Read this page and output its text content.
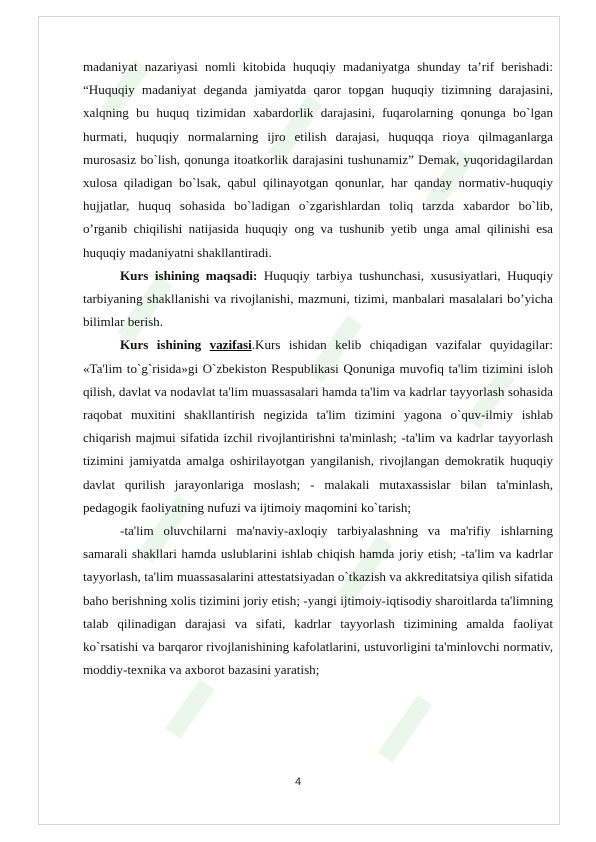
madaniyat nazariyasi nomli kitobida huquqiy madaniyatga shunday ta’rif berishadi: “Huquqiy madaniyat deganda jamiyatda qaror topgan huquqiy tizimning darajasini, xalqning bu huquq tizimidan xabardorlik darajasini, fuqarolarning qonunga bo`lgan hurmati, huquqiy normalarning ijro etilish darajasi, huquqqa rioya qilmaganlarga murosasiz bo`lish, qonunga itoatkorlik darajasini tushunamiz” Demak, yuqoridagilardan xulosa qiladigan bo`lsak, qabul qilinayotgan qonunlar, har qanday normativ-huquqiy hujjatlar, huquq sohasida bo`ladigan o`zgarishlardan toliq tarzda xabardor bo`lib, o’rganib chiqilishi natijasida huquqiy ong va tushunib yetib unga amal qilinishi esa huquqiy madaniyatni shakllantiradi.

Kurs ishining maqsadi: Huquqiy tarbiya tushunchasi, xususiyatlari, Huquqiy tarbiyaning shakllanishi va rivojlanishi, mazmuni, tizimi, manbalari masalalari bo’yicha bilimlar berish.

Kurs ishining vazifasi.Kurs ishidan kelib chiqadigan vazifalar quyidagilar: «Ta'lim to`g`risida»gi O`zbekiston Respublikasi Qonuniga muvofiq ta'lim tizimini isloh qilish, davlat va nodavlat ta'lim muassasalari hamda ta'lim va kadrlar tayyorlash sohasida raqobat muxitini shakllantirish negizida ta'lim tizimini yagona o`quv-ilmiy ishlab chiqarish majmui sifatida izchil rivojlantirishni ta'minlash; -ta'lim va kadrlar tayyorlash tizimini jamiyatda amalga oshirilayotgan yangilanish, rivojlangan demokratik huquqiy davlat qurilish jarayonlariga moslash; - malakali mutaxassislar bilan ta'minlash, pedagogik faoliyatning nufuzi va ijtimoiy maqomini ko`tarish;

-ta'lim oluvchilarni ma'naviy-axloqiy tarbiyalashning va ma'rifiy ishlarning samarali shakllari hamda uslublarini ishlab chiqish hamda joriy etish; -ta'lim va kadrlar tayyorlash, ta'lim muassasalarini attestatsiyadan o`tkazish va akkreditatsiya qilish sifatida baho berishning xolis tizimini joriy etish; -yangi ijtimoiy-iqtisodiy sharoitlarda ta'limning talab qilinadigan darajasi va sifati, kadrlar tayyorlash tizimining amalda faoliyat ko`rsatishi va barqaror rivojlanishining kafolatlarini, ustuvorligini ta'minlovchi normativ, moddiy-texnika va axborot bazasini yaratish;

4
